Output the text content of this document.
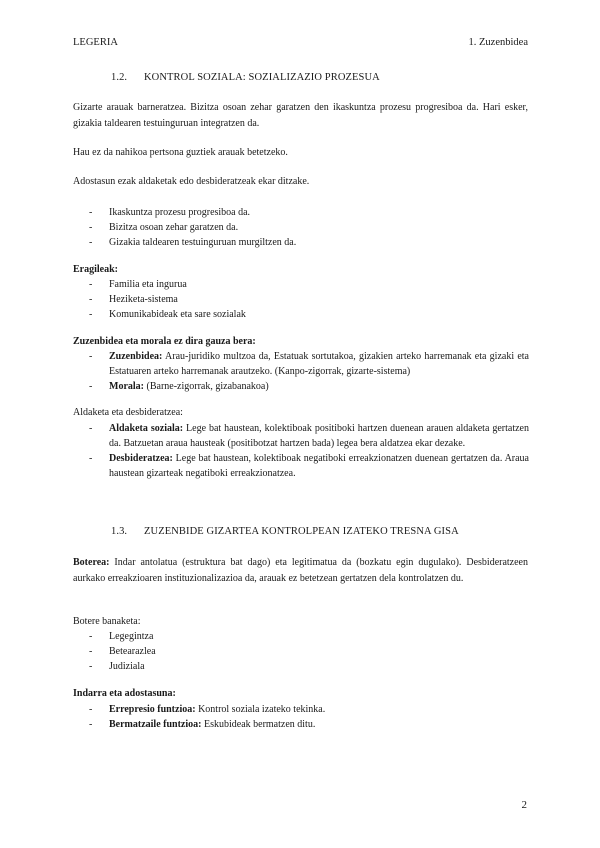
LEGERIA	1. Zuzenbidea
1.2. KONTROL SOZIALA: SOZIALIZAZIO PROZESUA
Gizarte arauak barneratzea. Bizitza osoan zehar garatzen den ikaskuntza prozesu progresiboa da. Hari esker, gizakia taldearen testuinguruan integratzen da.
Hau ez da nahikoa pertsona guztiek arauak betetzeko.
Adostasun ezak aldaketak edo desbideratzeak ekar ditzake.
- Ikaskuntza prozesu progresiboa da.
- Bizitza osoan zehar garatzen da.
- Gizakia taldearen testuinguruan murgiltzen da.
Eragileak:
- Familia eta ingurua
- Heziketa-sistema
- Komunikabideak eta sare sozialak
Zuzenbidea eta morala ez dira gauza bera:
- Zuzenbidea: Arau-juridiko multzoa da, Estatuak sortutakoa, gizakien arteko harremanak eta gizaki eta Estatuaren arteko harremanak arautzeko. (Kanpo-zigorrak, gizarte-sistema)
- Morala: (Barne-zigorrak, gizabanakoa)
Aldaketa eta desbideratzea:
- Aldaketa soziala: Lege bat haustean, kolektiboak positiboki hartzen duenean arauen aldaketa gertatzen da. Batzuetan araua hausteak (positibotzat hartzen bada) legea bera aldatzea ekar dezake.
- Desbideratzea: Lege bat haustean, kolektiboak negatiboki erreakzionatzen duenean gertatzen da. Araua haustean gizarteak negatiboki erreakzionatzea.
1.3. ZUZENBIDE GIZARTEA KONTROLPEAN IZATEKO TRESNA GISA
Boterea: Indar antolatua (estruktura bat dago) eta legitimatua da (bozkatu egin dugulako). Desbideratzeen aurkako erreakzioaren instituzionalizazioa da, arauak ez betetzean gertatzen dela kontrolatzen du.
Botere banaketa:
- Legegintza
- Betearazlea
- Judiziala
Indarra eta adostasuna:
- Errepresio funtzioa: Kontrol soziala izateko tekinka.
- Bermatzaile funtzioa: Eskubideak bermatzen ditu.
2
